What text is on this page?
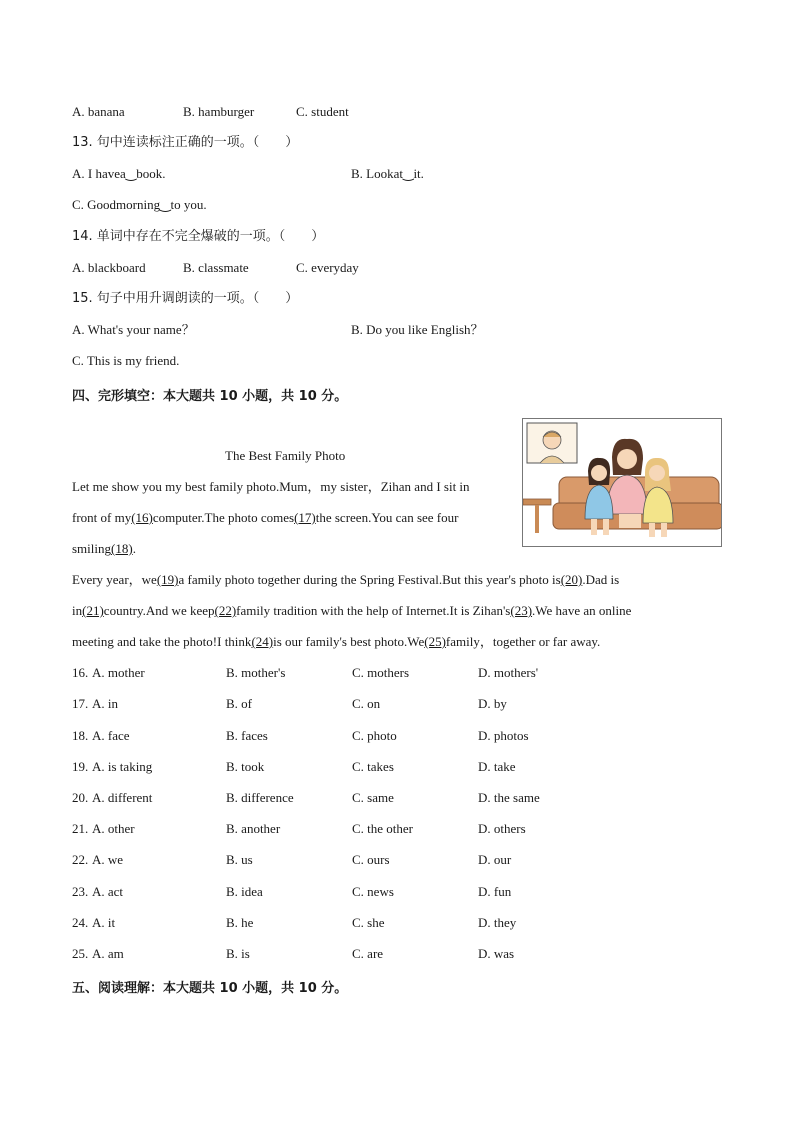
A. banana	B. hamburger	C. student
13. 句中连读标注正确的一项。（　　）
A. I havea‿book.	B. Lookat‿it.
C. Goodmorning‿to you.
14. 单词中存在不完全爆破的一项。（　　）
A. blackboard	B. classmate	C. everyday
15. 句子中用升调朗读的一项。（　　）
A. What's your name？	B. Do you like English？
C. This is my friend.
四、完形填空：本大题共 10 小题，共 10 分。
The Best Family Photo
Let me show you my best family photo.Mum，my sister，Zihan and I sit in
front of my(16)computer.The photo comes(17)the screen.You can see four
smiling(18).
Every year，we(19)a family photo together during the Spring Festival.But this year's photo is(20).Dad is
in(21)country.And we keep(22)family tradition with the help of Internet.It is Zihan's(23).We have an online
meeting and take the photo!I think(24)is our family's best photo.We(25)family，together or far away.
16. A. mother	B. mother's	C. mothers	D. mothers'
17. A. in	B. of	C. on	D. by
18. A. face	B. faces	C. photo	D. photos
19. A. is taking	B. took	C. takes	D. take
20. A. different	B. difference	C. same	D. the same
21. A. other	B. another	C. the other	D. others
22. A. we	B. us	C. ours	D. our
23. A. act	B. idea	C. news	D. fun
24. A. it	B. he	C. she	D. they
25. A. am	B. is	C. are	D. was
五、阅读理解：本大题共 10 小题，共 10 分。
